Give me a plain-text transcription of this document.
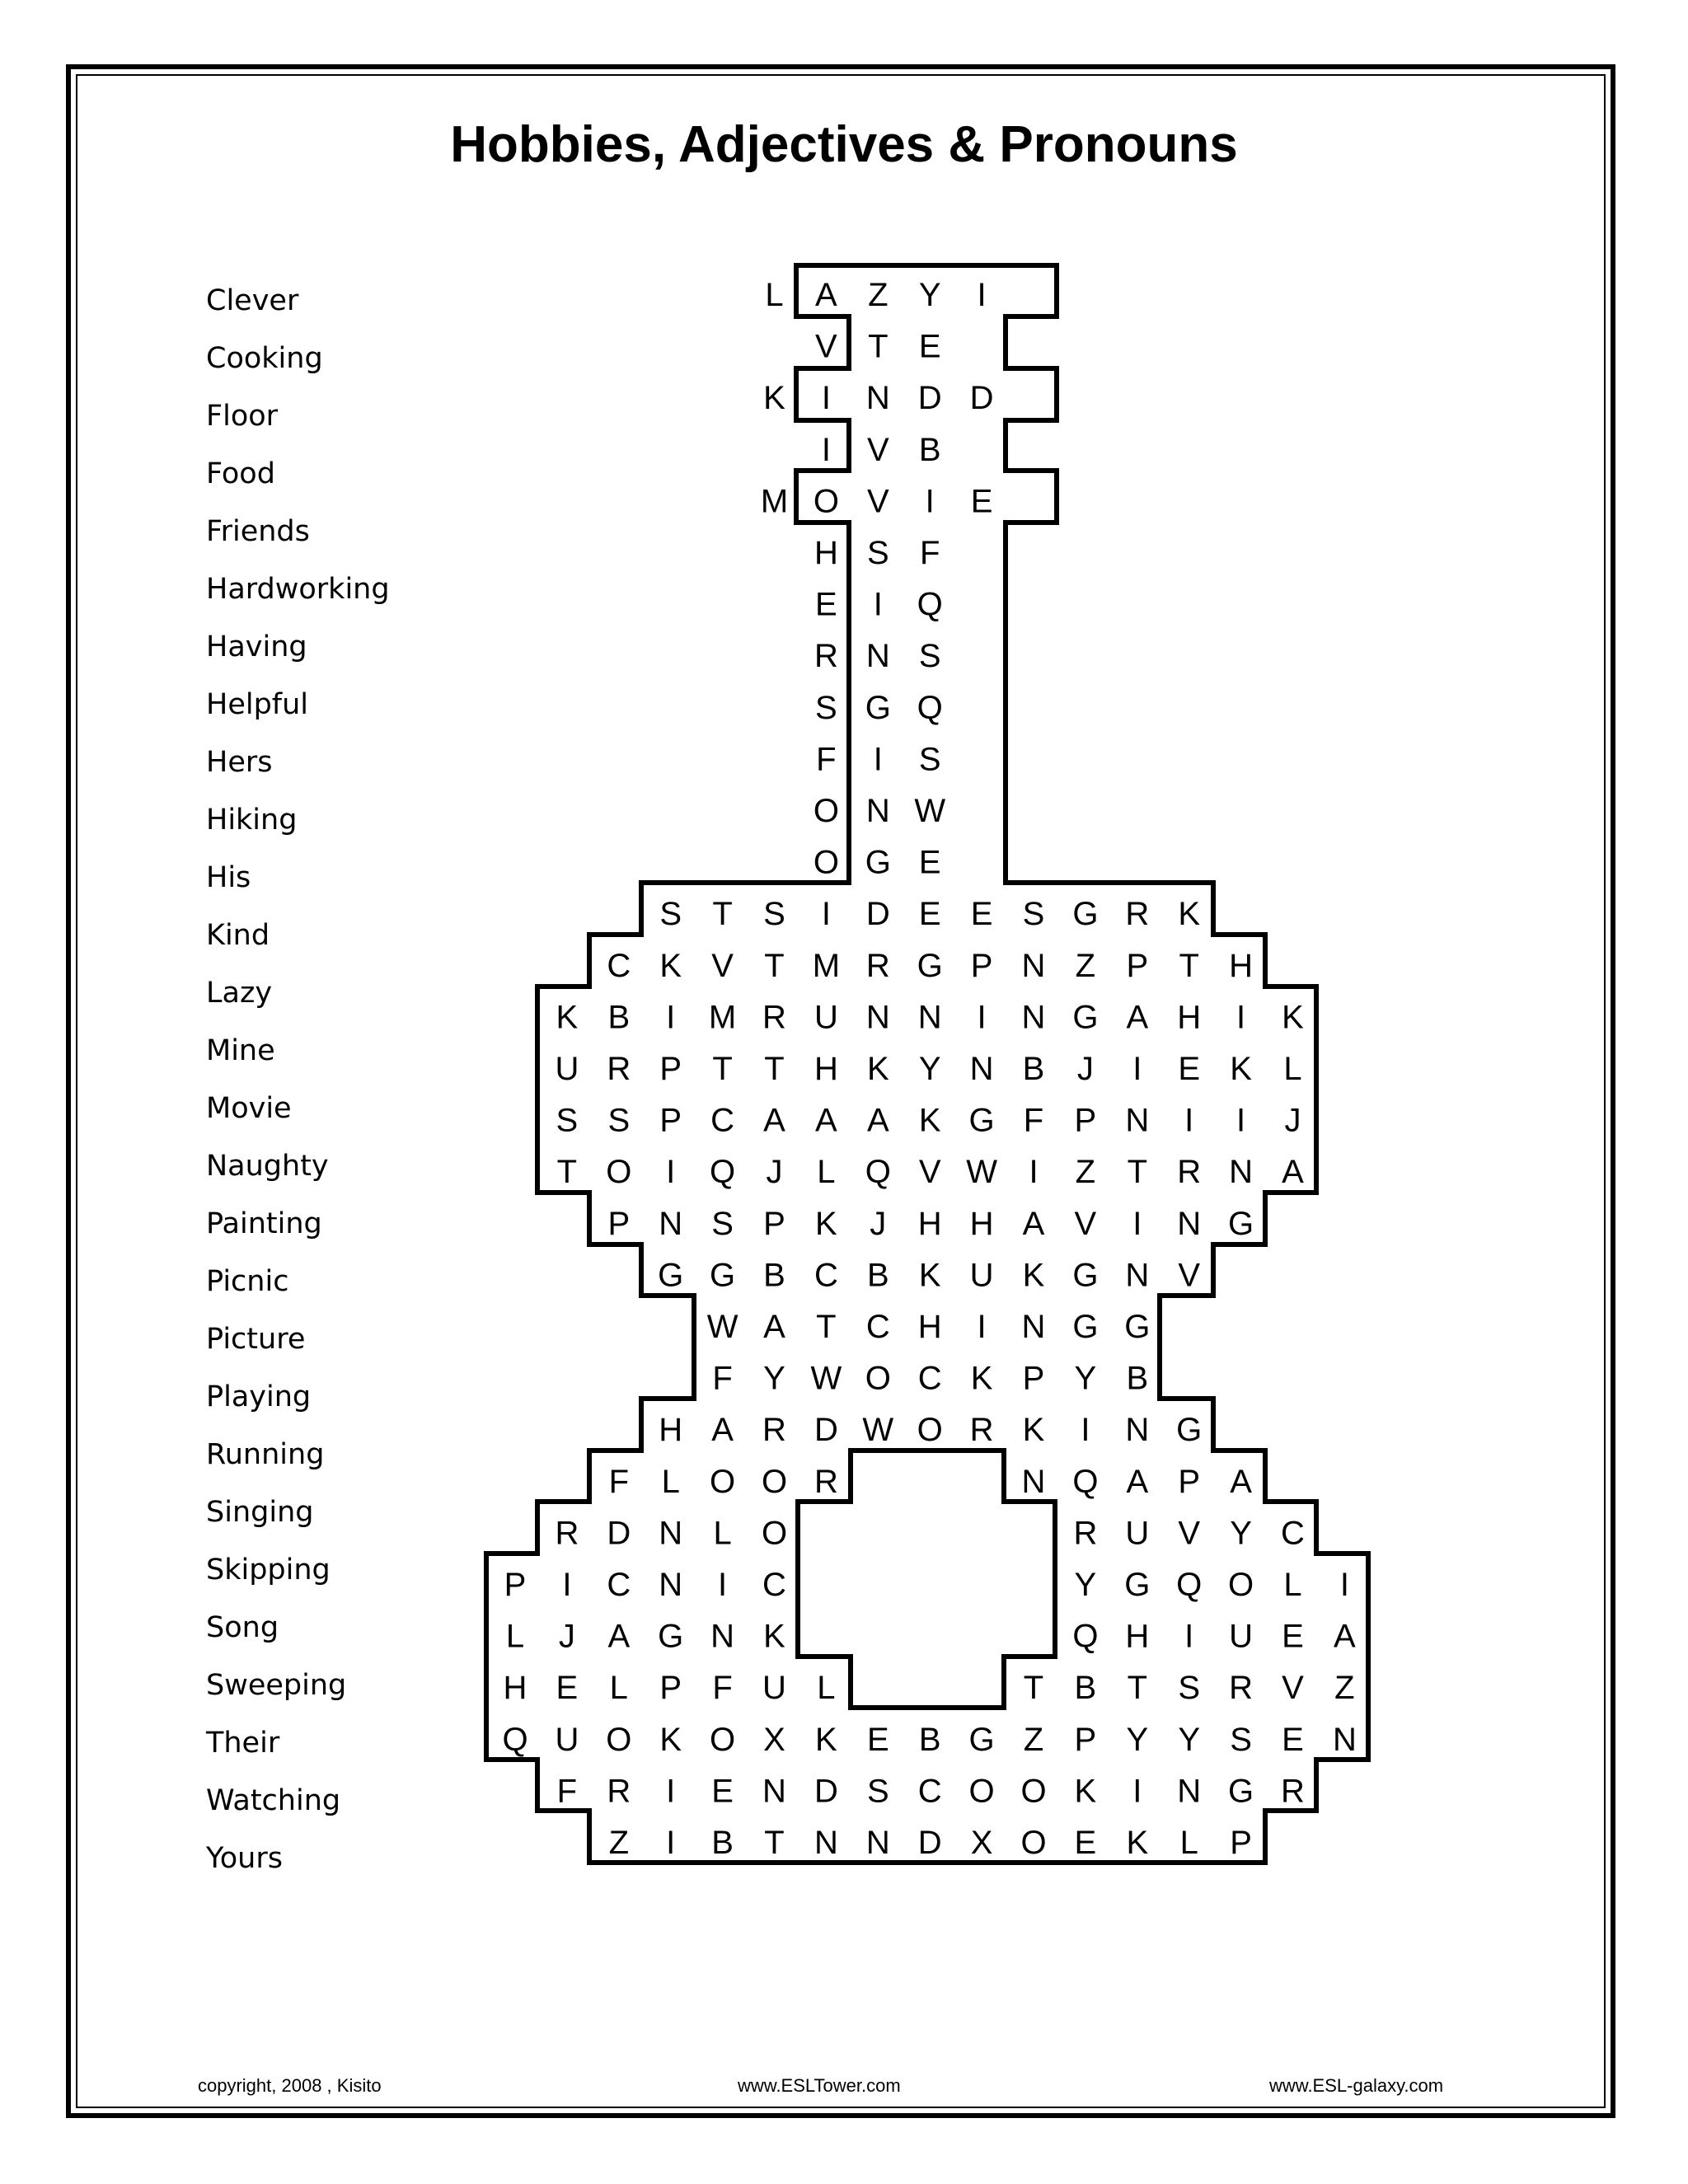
Hobbies, Adjectives & Pronouns
Clever
Cooking
Floor
Food
Friends
Hardworking
Having
Helpful
Hers
Hiking
His
Kind
Lazy
Mine
Movie
Naughty
Painting
Picnic
Picture
Playing
Running
Singing
Skipping
Song
Sweeping
Their
Watching
Yours
L A Z Y I
V T E
K I N D D
I V B
M O V I E
H S F
E I Q
R N S
S G Q
F I S
O N W
O G E
S T S I D E E S G R K
C K V T M R G P N Z P T H
K B I M R U N N I N G A H I K
U R P T T H K Y N B J I E K L
S S P C A A A K G F P N I I J
T O I Q J L Q V W I Z T R N A
P N S P K J H H A V I N G
G G B C B K U K G N V
W A T C H I N G G
F Y W O C K P Y B
H A R D W O R K I N G
F L O O R	N Q A P A
R D N L O	R U V Y C
P I C N I C	Y G Q O L I
L J A G N K	Q H I U E A
H E L P F U L	T B T S R V Z
Q U O K O X K E B G Z P Y Y S E N
F R I E N D S C O O K I N G R
Z I B T N N D X O E K L P
copyright, 2008 , Kisito	www.ESLTower.com	www.ESL-galaxy.com
